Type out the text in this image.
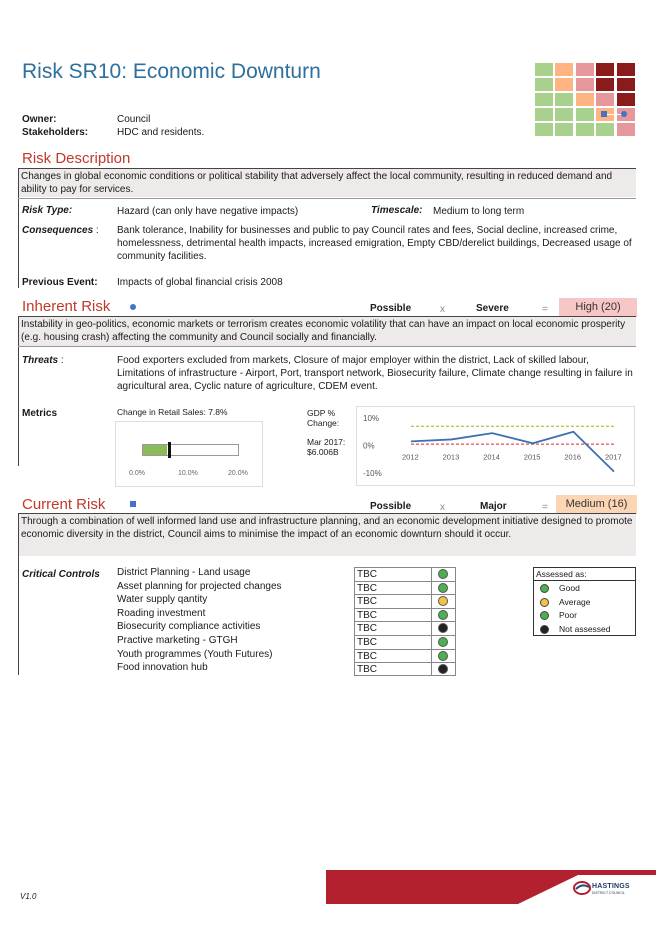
Risk SR10: Economic Downturn
Owner:	Council
Stakeholders:	HDC and residents.
Risk Description
Changes in global economic conditions or political stability that adversely affect the local community, resulting in reduced demand and ability to pay for services.
Risk Type:	Hazard (can only have negative impacts)	Timescale: Medium to long term
Consequences : Bank tolerance, Inability for businesses and public to pay Council rates and fees, Social decline, increased crime, homelessness, detrimental health impacts, increased emigration, Empty CBD/derelict buildings, Decreased usage of community facilities.
Previous Event: Impacts of global financial crisis 2008
Inherent Risk	Possible	x	Severe	=	High (20)
Instability in geo-politics, economic markets or terrorism creates economic volatility that can have an impact on local economic prosperity (e.g. housing crash) affecting the community and Council socially and financially.
Threats :	Food exporters excluded from markets, Closure of major employer within the district, Lack of skilled labour, Limitations of infrastructure - Airport, Port, transport network, Biosecurity failure, Climate change resulting in failure in agricultural area, Cyclic nature of agriculture, CDEM event.
Metrics	Change in Retail Sales: 7.8%
0.0%	10.0%	20.0%
GDP %
Change:
Mar 2017:
$6.006B
10%
0%
-10%
2012	2013	2014	2015	2016	2017
Current Risk	Possible	x	Major	=	Medium (16)
Through a combination of well informed land use and infrastructure planning, and an economic development initiative designed to promote economic diversity in the district, Council aims to minimise the impact of an economic downturn should it occur.
Critical Controls District Planning - Land usage	TBC
Asset planning for projected changes	TBC
Water supply qantity	TBC
Roading investment	TBC
Biosecurity compliance activities	TBC
Practive marketing - GTGH	TBC
Youth programmes (Youth Futures)	TBC
Food innovation hub	TBC
Assessed as:
Good
Average
Poor
Not assessed
V1.0
HASTINGS
DISTRICT COUNCIL
